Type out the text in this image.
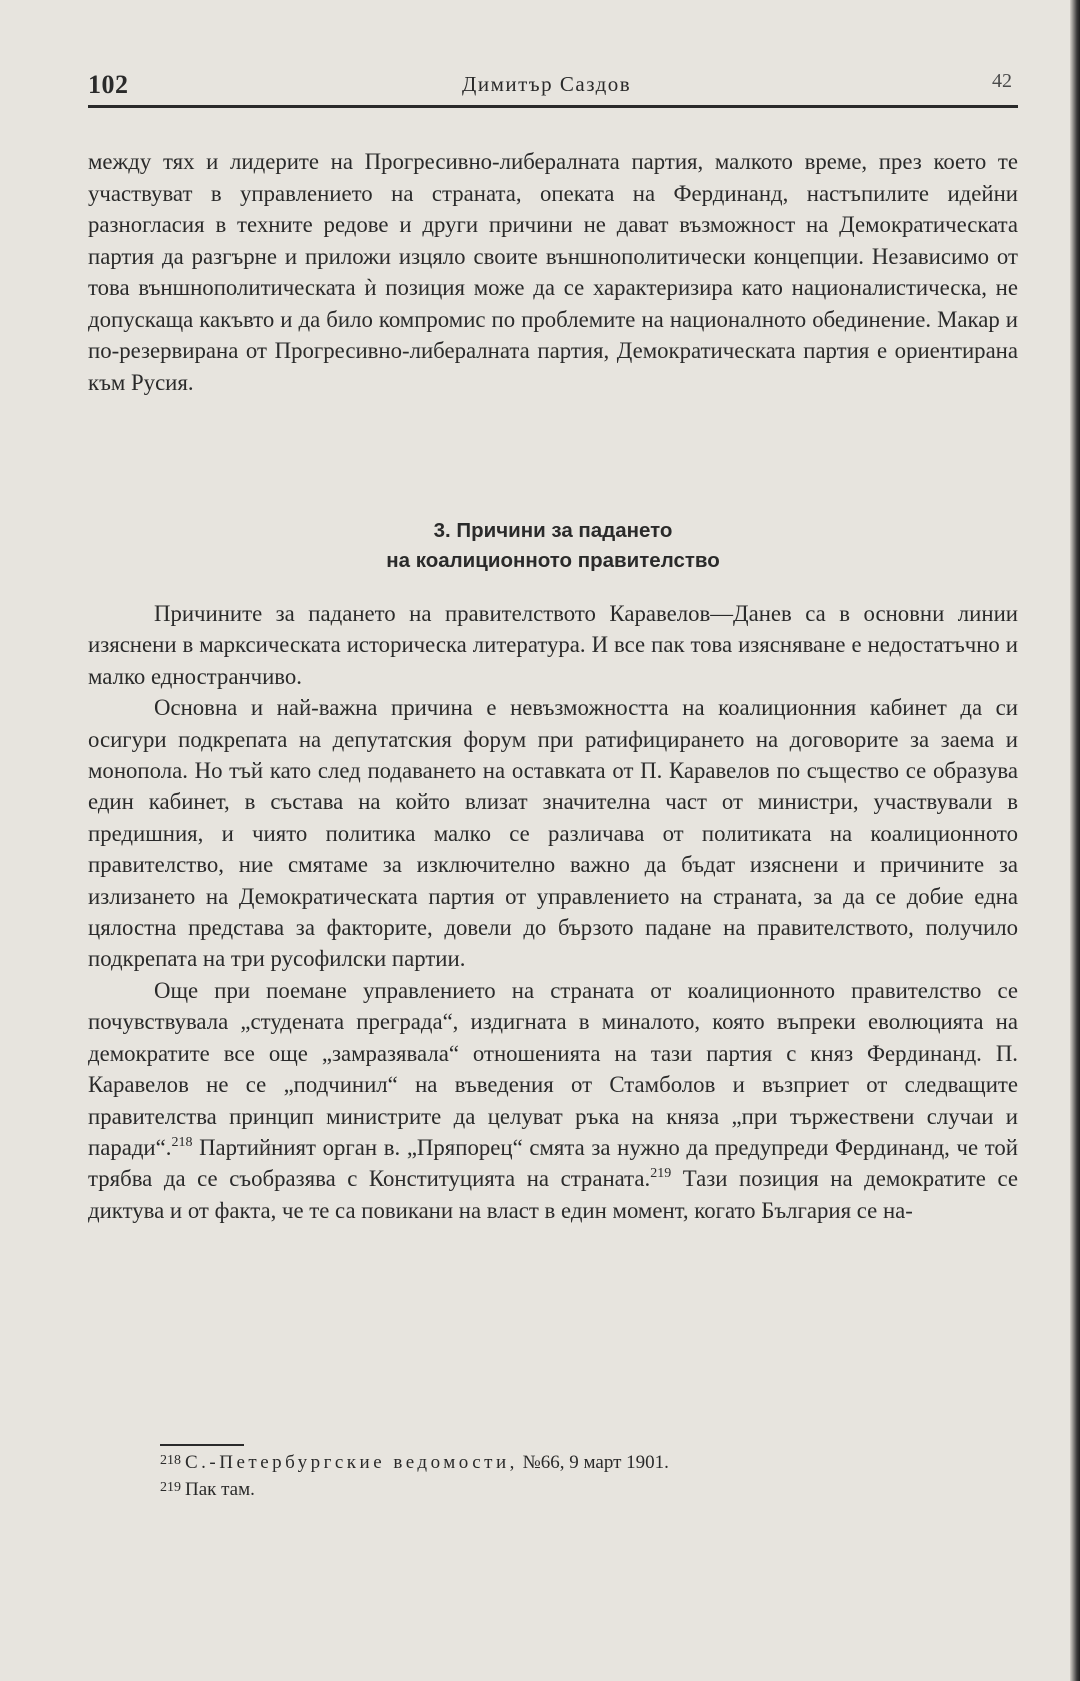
102	Димитър Саздов	42

между тях и лидерите на Прогресивно-либералната партия, малкото време, през което те участвуват в управлението на страната, опеката на Фердинанд, настъпилите идейни разногласия в техните редове и други причини не дават възможност на Демократическата партия да разгърне и приложи изцяло своите външнополитически концепции. Независимо от това външнополитическата ѝ позиция може да се характеризира като националистическа, не допускаща какъвто и да било компромис по проблемите на националното обединение. Макар и по-резервирана от Прогресивно-либералната партия, Демократическата партия е ориентирана към Русия.

3. Причини за падането
на коалиционното правителство

Причините за падането на правителството Каравелов—Данев са в основни линии изяснени в марксическата историческа литература. И все пак това изясняване е недостатъчно и малко едностранчиво.

Основна и най-важна причина е невъзможността на коалиционния кабинет да си осигури подкрепата на депутатския форум при ратифицирането на договорите за заема и монопола. Но тъй като след подаването на оставката от П. Каравелов по същество се образува един кабинет, в състава на който влизат значителна част от министри, участвували в предишния, и чиято политика малко се различава от политиката на коалиционното правителство, ние смятаме за изключително важно да бъдат изяснени и причините за излизането на Демократическата партия от управлението на страната, за да се добие една цялостна представа за факторите, довели до бързото падане на правителството, получило подкрепата на три русофилски партии.

Още при поемане управлението на страната от коалиционното правителство се почувствувала „студената преграда“, издигната в миналото, която въпреки еволюцията на демократите все още „замразявала“ отношенията на тази партия с княз Фердинанд. П. Каравелов не се „подчинил“ на въведения от Стамболов и възприет от следващите правителства принцип министрите да целуват ръка на княза „при тържествени случаи и паради“.$^{218}$ Партийният орган в. „Пряпорец“ смята за нужно да предупреди Фердинанд, че той трябва да се съобразява с Конституцията на страната.$^{219}$ Тази позиция на демократите се диктува и от факта, че те са повикани на власт в един момент, когато България се на-

$^{218}$ С.-Петербургские ведомости, №66, 9 март 1901.
$^{219}$ Пак там.
